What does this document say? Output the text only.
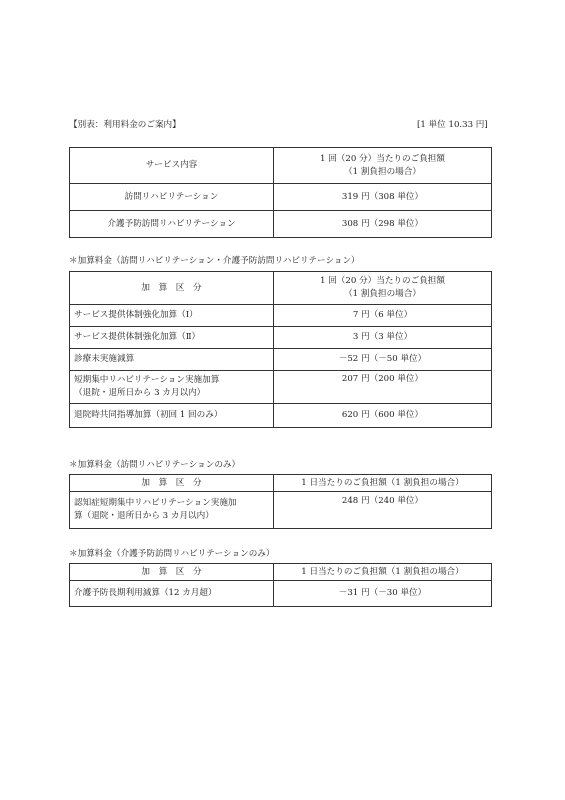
【別表：利用料金のご案内】	[1 単位 10.33 円]
サービス内容	1 回（20 分）当たりのご負担額
（1 割負担の場合）

訪問リハビリテーション	319 円（308 単位）
介護予防訪問リハビリテーション	308 円（298 単位）
＊加算料金（訪問リハビリテーション・介護予防訪問リハビリテーション）
加　算　区　分	1 回（20 分）当たりのご負担額
（1 割負担の場合）

サービス提供体制強化加算（Ⅰ）	7 円（6 単位）
サービス提供体制強化加算（Ⅱ）	3 円（3 単位）
診療未実施減算	－52 円（－50 単位）

短期集中リハビリテーション実施加算
（退院・退所日から 3 カ月以内）	207 円（200 単位）
退院時共同指導加算（初回 1 回のみ）	620 円（600 単位）
＊加算料金（訪問リハビリテーションのみ）
加　算　区　分	1 日当たりのご負担額（1 割負担の場合）

認知症短期集中リハビリテーション実施加
算（退院・退所日から 3 カ月以内）	248 円（240 単位）
＊加算料金（介護予防訪問リハビリテーションのみ）
加　算　区　分	1 日当たりのご負担額（1 割負担の場合）
介護予防長期利用減算（12 カ月超）	－31 円（－30 単位）
